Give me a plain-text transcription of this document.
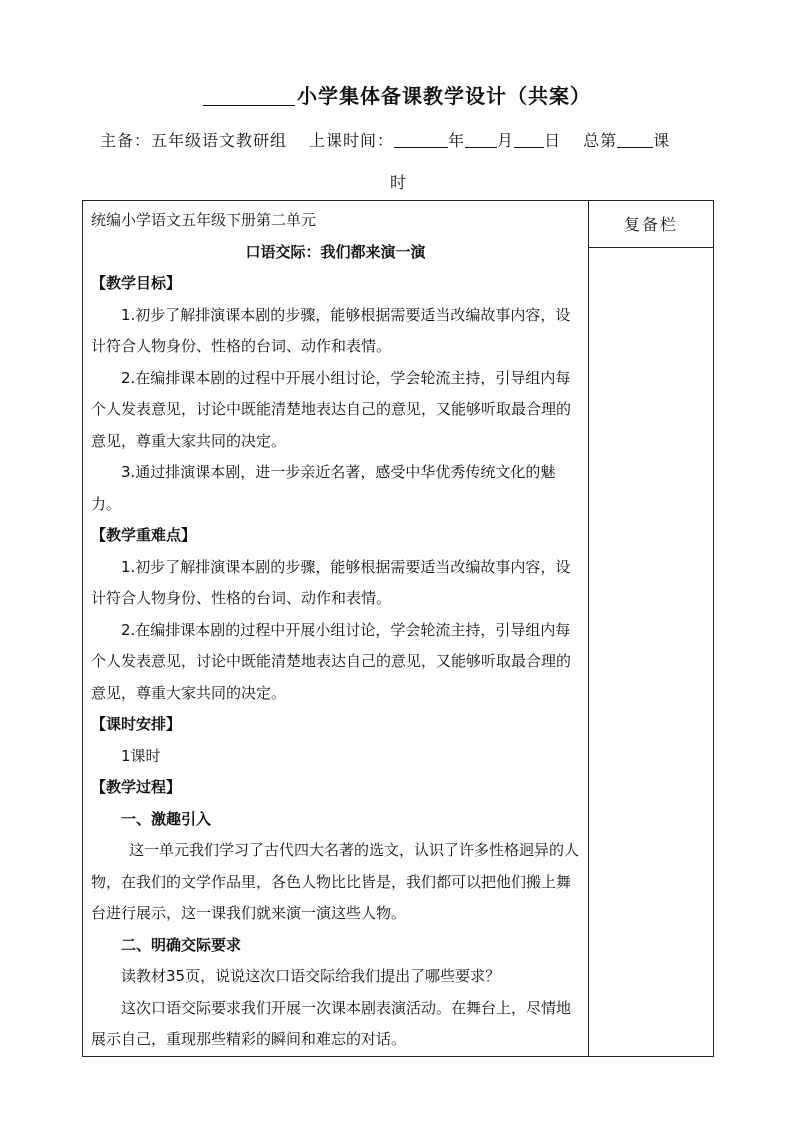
小学集体备课教学设计（共案）
主备：五年级语文教研组 上课时间：	年 月 日 总第 课
时

统编小学语文五年级下册第二单元

口语交际：我们都来演一演

【教学目标】

1.初步了解排演课本剧的步骤，能够根据需要适当改编故事内容，设计符合人物身份、性格的台词、动作和表情。

2.在编排课本剧的过程中开展小组讨论，学会轮流主持，引导组内每个人发表意见，讨论中既能清楚地表达自己的意见，又能够听取最合理的意见，尊重大家共同的决定。

3.通过排演课本剧，进一步亲近名著，感受中华优秀传统文化的魅力。

【教学重难点】

1.初步了解排演课本剧的步骤，能够根据需要适当改编故事内容，设计符合人物身份、性格的台词、动作和表情。

2.在编排课本剧的过程中开展小组讨论，学会轮流主持，引导组内每个人发表意见，讨论中既能清楚地表达自己的意见，又能够听取最合理的意见，尊重大家共同的决定。

【课时安排】

1课时

【教学过程】

一、激趣引入

这一单元我们学习了古代四大名著的选文，认识了许多性格迥异的人物，在我们的文学作品里，各色人物比比皆是，我们都可以把他们搬上舞台进行展示，这一课我们就来演一演这些人物。

二、明确交际要求

读教材35页，说说这次口语交际给我们提出了哪些要求？

这次口语交际要求我们开展一次课本剧表演活动。在舞台上，尽情地展示自己，重现那些精彩的瞬间和难忘的对话。

复备栏
